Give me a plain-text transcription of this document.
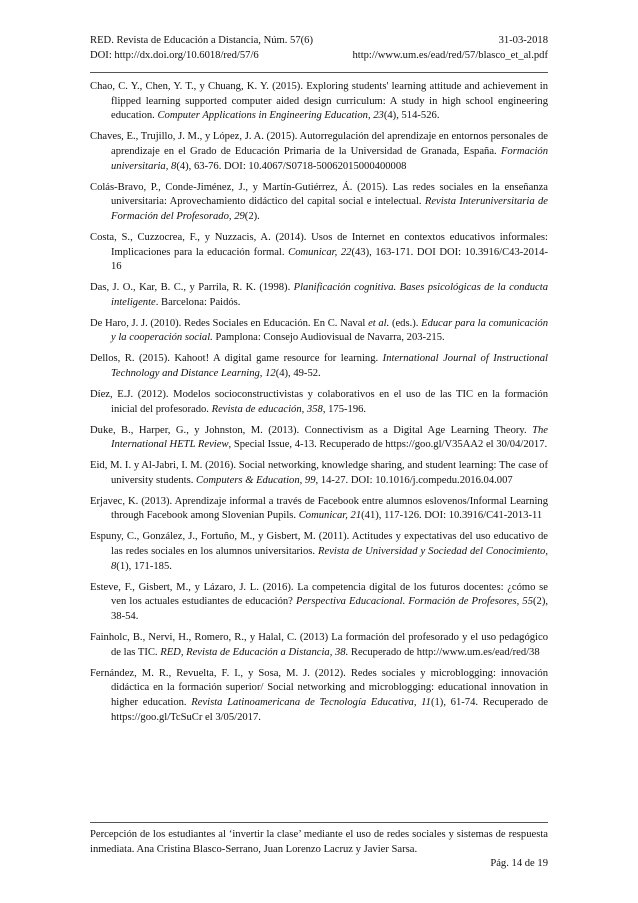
RED. Revista de Educación a Distancia, Núm. 57(6)	31-03-2018
DOI: http://dx.doi.org/10.6018/red/57/6	http://www.um.es/ead/red/57/blasco_et_al.pdf

Chao, C. Y., Chen, Y. T., y Chuang, K. Y. (2015). Exploring students' learning attitude and achievement in flipped learning supported computer aided design curriculum: A study in high school engineering education. Computer Applications in Engineering Education, 23(4), 514-526.

Chaves, E., Trujillo, J. M., y López, J. A. (2015). Autorregulación del aprendizaje en entornos personales de aprendizaje en el Grado de Educación Primaria de la Universidad de Granada, España. Formación universitaria, 8(4), 63-76. DOI: 10.4067/S0718-50062015000400008

Colás-Bravo, P., Conde-Jiménez, J., y Martín-Gutiérrez, Á. (2015). Las redes sociales en la enseñanza universitaria: Aprovechamiento didáctico del capital social e intelectual. Revista Interuniversitaria de Formación del Profesorado, 29(2).

Costa, S., Cuzzocrea, F., y Nuzzacis, A. (2014). Usos de Internet en contextos educativos informales: Implicaciones para la educación formal. Comunicar, 22(43), 163-171. DOI DOI: 10.3916/C43-2014-16

Das, J. O., Kar, B. C., y Parrila, R. K. (1998). Planificación cognitiva. Bases psicológicas de la conducta inteligente. Barcelona: Paidós.

De Haro, J. J. (2010). Redes Sociales en Educación. En C. Naval et al. (eds.). Educar para la comunicación y la cooperación social. Pamplona: Consejo Audiovisual de Navarra, 203-215.

Dellos, R. (2015). Kahoot! A digital game resource for learning. International Journal of Instructional Technology and Distance Learning, 12(4), 49-52.

Díez, E.J. (2012). Modelos socioconstructivistas y colaborativos en el uso de las TIC en la formación inicial del profesorado. Revista de educación, 358, 175-196.

Duke, B., Harper, G., y Johnston, M. (2013). Connectivism as a Digital Age Learning Theory. The International HETL Review, Special Issue, 4-13. Recuperado de https://goo.gl/V35AA2 el 30/04/2017.

Eid, M. I. y Al-Jabri, I. M. (2016). Social networking, knowledge sharing, and student learning: The case of university students. Computers & Education, 99, 14-27. DOI: 10.1016/j.compedu.2016.04.007

Erjavec, K. (2013). Aprendizaje informal a través de Facebook entre alumnos eslovenos/Informal Learning through Facebook among Slovenian Pupils. Comunicar, 21(41), 117-126. DOI: 10.3916/C41-2013-11

Espuny, C., González, J., Fortuño, M., y Gisbert, M. (2011). Actitudes y expectativas del uso educativo de las redes sociales en los alumnos universitarios. Revista de Universidad y Sociedad del Conocimiento, 8(1), 171-185.

Esteve, F., Gisbert, M., y Lázaro, J. L. (2016). La competencia digital de los futuros docentes: ¿cómo se ven los actuales estudiantes de educación? Perspectiva Educacional. Formación de Profesores, 55(2), 38-54.

Fainholc, B., Nervi, H., Romero, R., y Halal, C. (2013) La formación del profesorado y el uso pedagógico de las TIC. RED, Revista de Educación a Distancia, 38. Recuperado de http://www.um.es/ead/red/38

Fernández, M. R., Revuelta, F. I., y Sosa, M. J. (2012). Redes sociales y microblogging: innovación didáctica en la formación superior/ Social networking and microblogging: educational innovation in higher education. Revista Latinoamericana de Tecnología Educativa, 11(1), 61-74. Recuperado de https://goo.gl/TcSuCr el 3/05/2017.

Percepción de los estudiantes al ‘invertir la clase’ mediante el uso de redes sociales y sistemas de respuesta inmediata. Ana Cristina Blasco-Serrano, Juan Lorenzo Lacruz y Javier Sarsa.
Pág. 14 de 19
